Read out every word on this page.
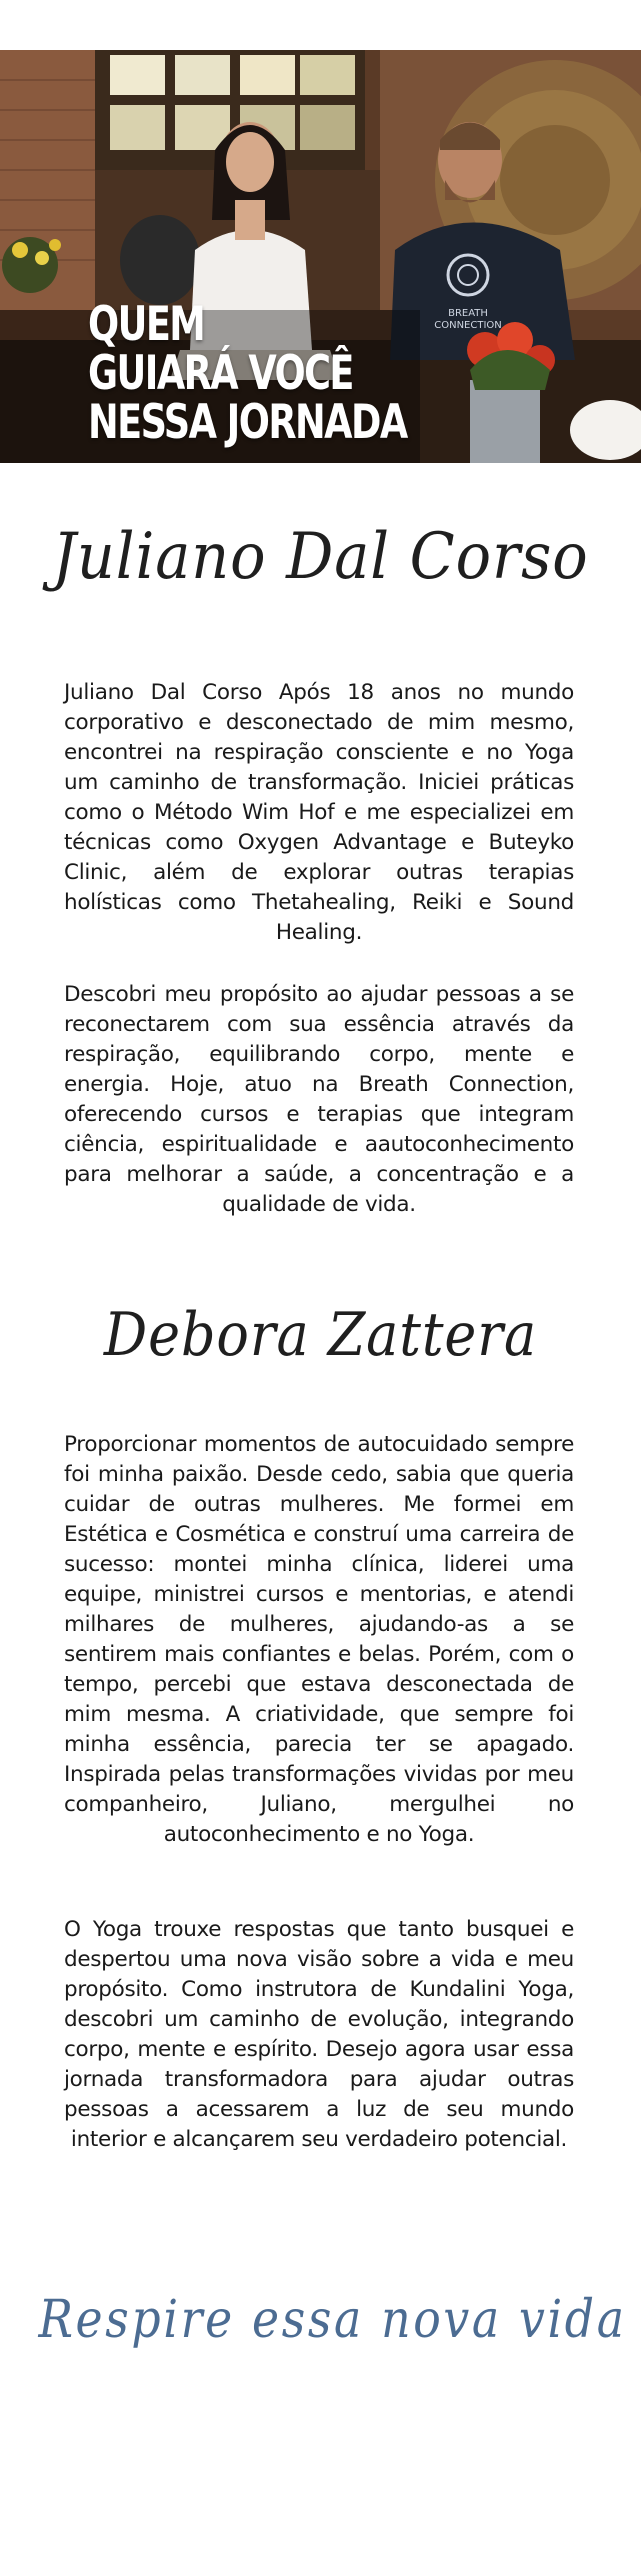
BREATH
CONNECTION
QUEM
GUIARÁ VOCÊ
NESSA JORNADA
Juliano Dal Corso

Juliano Dal Corso Após 18 anos no mundo corporativo e desconectado de mim mesmo, encontrei na respiração consciente e no Yoga um caminho de transformação. Iniciei práticas como o Método Wim Hof e me especializei em técnicas como Oxygen Advantage e Buteyko Clinic, além de explorar outras terapias holísticas como Thetahealing, Reiki e Sound Healing.

Descobri meu propósito ao ajudar pessoas a se reconectarem com sua essência através da respiração, equilibrando corpo, mente e energia. Hoje, atuo na Breath Connection, oferecendo cursos e terapias que integram ciência, espiritualidade e aautoconhecimento para melhorar a saúde, a concentração e a qualidade de vida.

Debora Zattera

Proporcionar momentos de autocuidado sempre foi minha paixão. Desde cedo, sabia que queria cuidar de outras mulheres. Me formei em Estética e Cosmética e construí uma carreira de sucesso: montei minha clínica, liderei uma equipe, ministrei cursos e mentorias, e atendi milhares de mulheres, ajudando-as a se sentirem mais confiantes e belas. Porém, com o tempo, percebi que estava desconectada de mim mesma. A criatividade, que sempre foi minha essência, parecia ter se apagado. Inspirada pelas transformações vividas por meu companheiro, Juliano, mergulhei no autoconhecimento e no Yoga.

O Yoga trouxe respostas que tanto busquei e despertou uma nova visão sobre a vida e meu propósito. Como instrutora de Kundalini Yoga, descobri um caminho de evolução, integrando corpo, mente e espírito. Desejo agora usar essa jornada transformadora para ajudar outras pessoas a acessarem a luz de seu mundo interior e alcançarem seu verdadeiro potencial.

Respire essa nova vida
